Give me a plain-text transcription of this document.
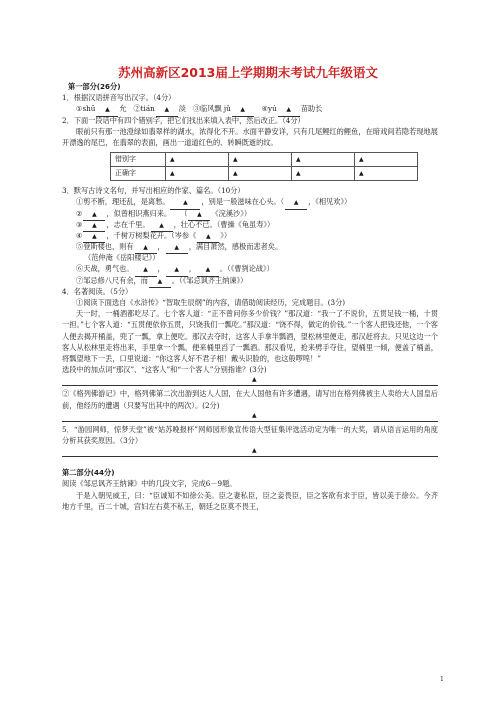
苏州高新区2013届上学期期末考试九年级语文
第一部分(26分)
1．根据汉语拼音写出汉字。（4分）
①shū ▲ 允 ②tián ▲ 淡 ③临风飘 jǔ ▲ ④yú ▲ 苗助长
2．下面一段话中有四个错别字，把它们找出来填入表中，然后改正。（4分）
眼前只有那一池澄绿如翡翠样的湖水，浓得化不开。水面平静安详，只有几尾鲤红的鲤鱼，在暗戏间若隐若现地展开漂逸的尾巴，在翡翠的表面，画出一道道红色的、转瞬既逝的纹。
错别字	▲	▲	▲	▲
正确字	▲	▲	▲	▲
3．默写古诗文名句，并写出相应的作家、篇名。（10分）
①剪不断，理还乱，是离愁。 ▲ ，别是一般滋味在心头。（ ▲ ，《相见欢》）
② ▲ ，似曾相识燕归来。    （ ▲ 《浣溪沙》）
③ ▲ ，志在千里。 ▲ ，壮心不已。（曹操《龟虽寿》）
④ ▲ ，千树万树梨花开。（岑参《 ▲ 》）
⑤登斯楼也，则有 ▲ ， ▲ ，满目萧然，感极而悲者矣。
（范仲淹《岳阳楼记》）
⑥天战，勇气也。 ▲ ， ▲ ， ▲ 。（《曹刿论战》）
⑦邹忌修八尺有余，而 ▲ 。（《邹忌讽齐王纳谏》）
4．名著阅读。（5分）
①阅读下面选自《水浒传》“智取生辰纲”的内容，请借助阅读经历，完成题目。(3分)
天一时，一桶酒都吃尽了。七个客人道：“正不曾问你多少价钱？”那汉道：“我一了不说价，五贯足钱一桶，十贯一担。”七个客人道：“五贯便依你五贯，只饶我们一瓢吃。”那汉道：“饶不得，做定的价钱。”一个客人把钱还他，一个客人便去揭开桶盖，兜了一瓢，拿上便吃。那汉去夺时，这客人手拿半瓢酒，望松林里便走，那汉赶将去。只见这边一个客人从松林里走将出来，手里拿一个瓢，便来桶里舀了一瓢酒。那汉看见，抢来劈手夺住，望桶里一倾，便盖了桶盖，将瓢望地下一丢，口里说道：“你这客人好不君子相！戴头识脸的，也这般啰唣！”
选段中的加点词“那汉”、“这客人”和“一个客人”分别指谁？(3分)
▲
②《格列佛游记》中，格列佛第二次出游到达人人国，在大人国他有许多遭遇，请写出在格列佛被主人卖给大人国皇后前，他经历的遭遇（只要写出其中的两次）。(2分)
▲
5．“游园网师，惊梦天堂”被“姑苏晚报杯”网师园形象宣传语大型征集评选活动定为唯一的大奖，请从语言运用的角度分析其获奖原因。（3分）
▲
第二部分(44分)
阅读《邹忌讽齐王纳谏》中的几段文字，完成6－9题。
于是入朝见威王，曰：“臣诚知不如徐公美。臣之妻私臣，臣之妾畏臣，臣之客欲有求于臣，皆以美于徐公。今齐地方千里，百二十城，宫妇左右莫不私王，朝廷之臣莫不畏王，
1
